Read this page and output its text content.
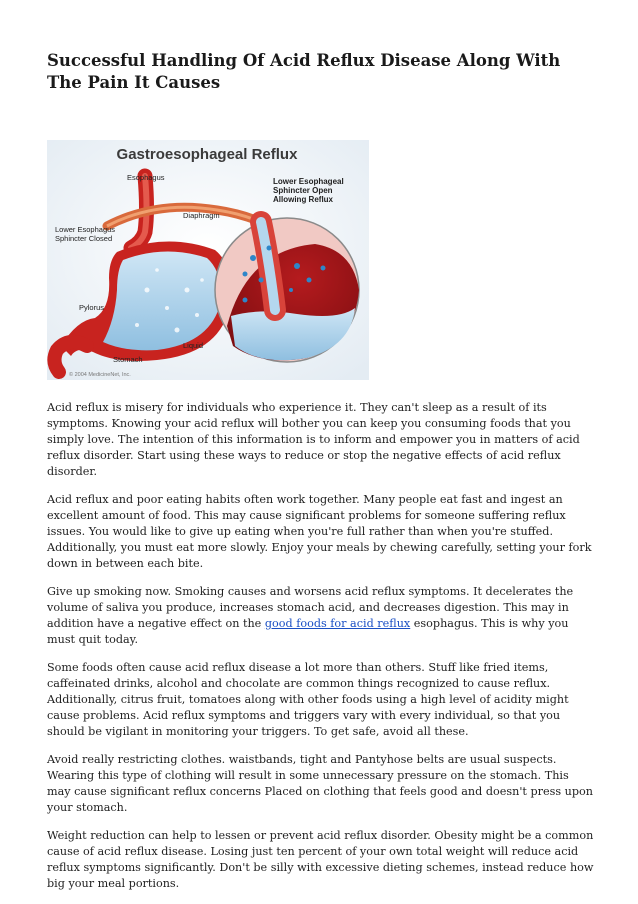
Successful Handling Of Acid Reflux Disease Along With The Pain It Causes
Gastroesophageal Reflux
Esophagus
Diaphragm
Lower Esophagus
Sphincter Closed
Pylorus
Stomach
Liquid
Lower Esophageal
Sphincter Open
Allowing Reflux
© 2004 MedicineNet, Inc.

Acid reflux is misery for individuals who experience it. They can't sleep as a result of its symptoms. Knowing your acid reflux will bother you can keep you consuming foods that you simply love. The intention of this information is to inform and empower you in matters of acid reflux disorder. Start using these ways to reduce or stop the negative effects of acid reflux disorder.

Acid reflux and poor eating habits often work together. Many people eat fast and ingest an excellent amount of food. This may cause significant problems for someone suffering reflux issues. You would like to give up eating when you're full rather than when you're stuffed. Additionally, you must eat more slowly. Enjoy your meals by chewing carefully, setting your fork down in between each bite.

Give up smoking now. Smoking causes and worsens acid reflux symptoms. It decelerates the volume of saliva you produce, increases stomach acid, and decreases digestion. This may in addition have a negative effect on the good foods for acid reflux esophagus. This is why you must quit today.

Some foods often cause acid reflux disease a lot more than others. Stuff like fried items, caffeinated drinks, alcohol and chocolate are common things recognized to cause reflux. Additionally, citrus fruit, tomatoes along with other foods using a high level of acidity might cause problems. Acid reflux symptoms and triggers vary with every individual, so that you should be vigilant in monitoring your triggers. To get safe, avoid all these.

Avoid really restricting clothes. waistbands, tight and Pantyhose belts are usual suspects. Wearing this type of clothing will result in some unnecessary pressure on the stomach. This may cause significant reflux concerns Placed on clothing that feels good and doesn't press upon your stomach.

Weight reduction can help to lessen or prevent acid reflux disorder. Obesity might be a common cause of acid reflux disease. Losing just ten percent of your own total weight will reduce acid reflux symptoms significantly. Don't be silly with excessive dieting schemes, instead reduce how big your meal portions.
